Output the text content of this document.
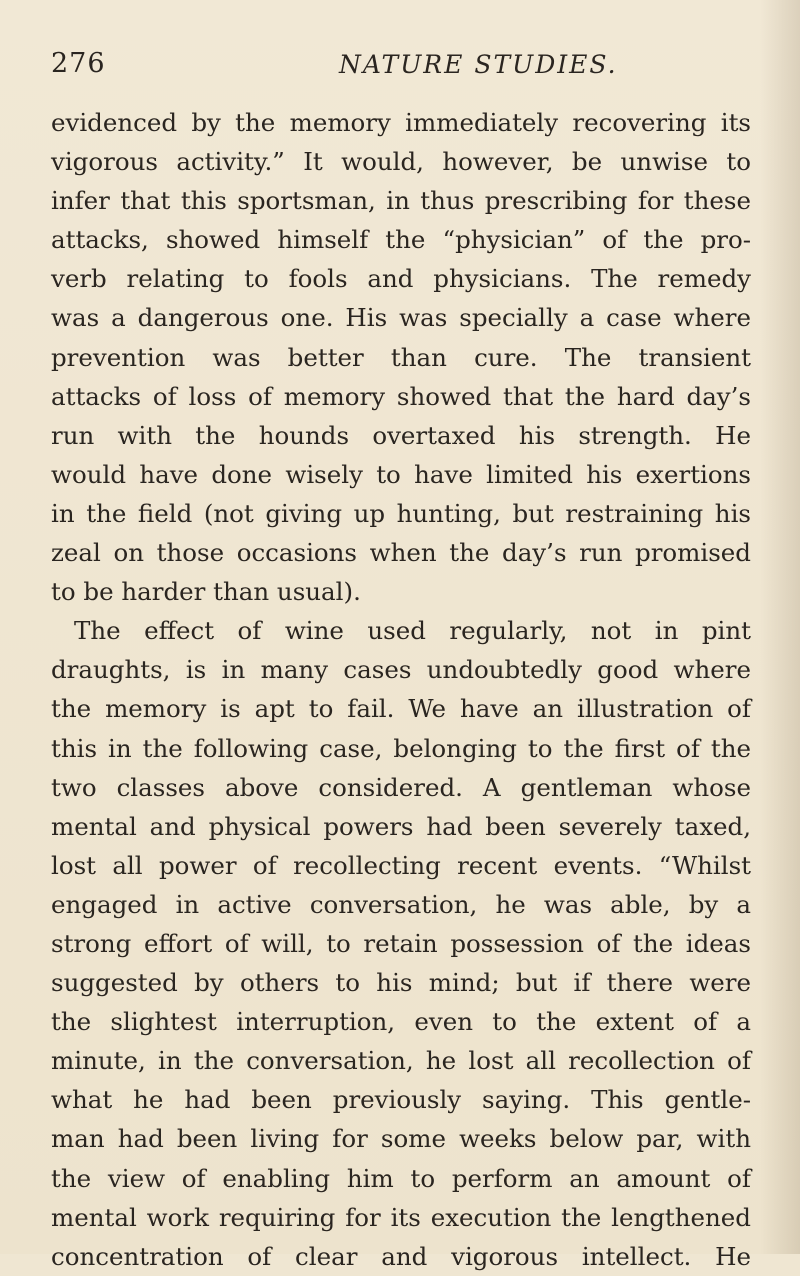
276	NATURE STUDIES.
evidenced by the memory immediately recovering its
vigorous activity.” It would, however, be unwise to
infer that this sportsman, in thus prescribing for these
attacks, showed himself the “physician” of the pro-
verb relating to fools and physicians. The remedy
was a dangerous one. His was specially a case where
prevention was better than cure. The transient
attacks of loss of memory showed that the hard day’s
run with the hounds overtaxed his strength. He
would have done wisely to have limited his exertions
in the field (not giving up hunting, but restraining his
zeal on those occasions when the day’s run promised
to be harder than usual).
The effect of wine used regularly, not in pint
draughts, is in many cases undoubtedly good where
the memory is apt to fail. We have an illustration of
this in the following case, belonging to the first of the
two classes above considered. A gentleman whose
mental and physical powers had been severely taxed,
lost all power of recollecting recent events. “Whilst
engaged in active conversation, he was able, by a
strong effort of will, to retain possession of the ideas
suggested by others to his mind; but if there were
the slightest interruption, even to the extent of a
minute, in the conversation, he lost all recollection of
what he had been previously saying. This gentle-
man had been living for some weeks below par, with
the view of enabling him to perform an amount of
mental work requiring for its execution the lengthened
concentration of clear and vigorous intellect. He
